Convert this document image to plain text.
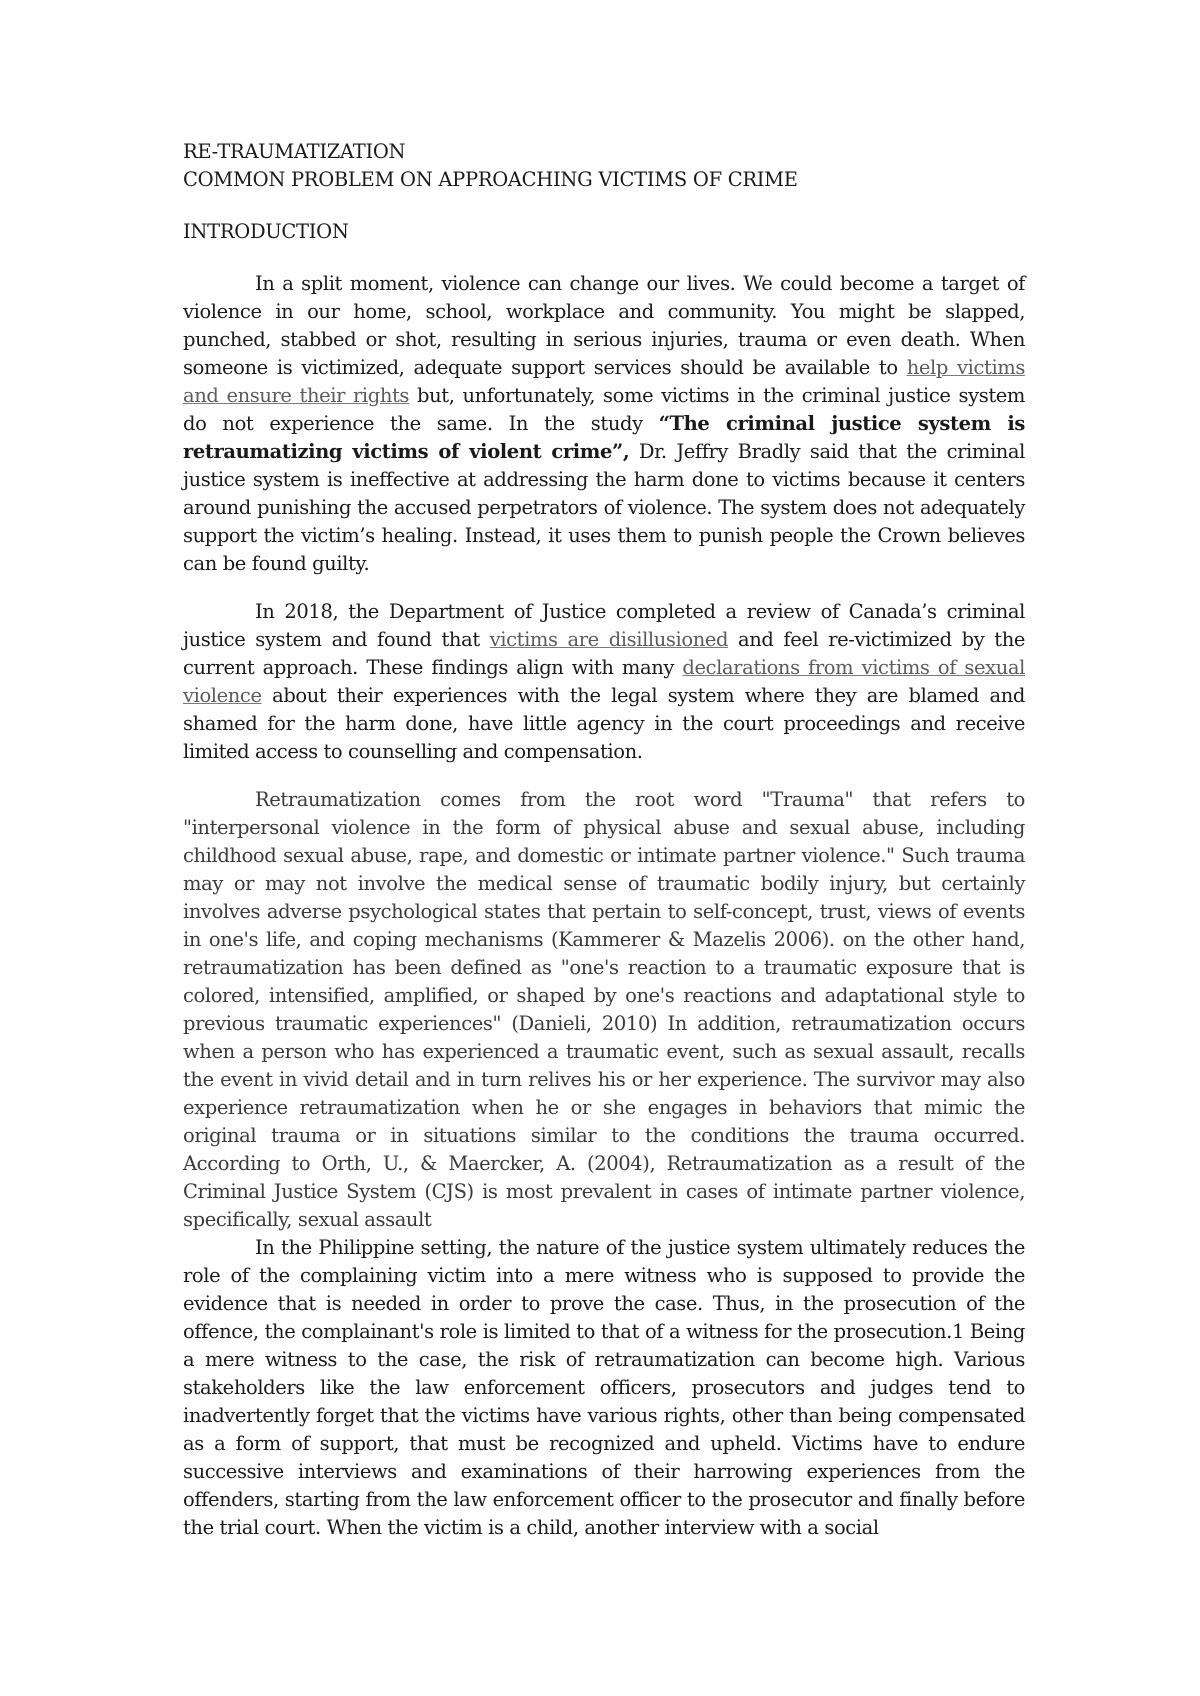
RE-TRAUMATIZATION
COMMON PROBLEM ON APPROACHING VICTIMS OF CRIME
INTRODUCTION

In a split moment, violence can change our lives. We could become a target of violence in our home, school, workplace and community. You might be slapped, punched, stabbed or shot, resulting in serious injuries, trauma or even death. When someone is victimized, adequate support services should be available to help victims and ensure their rights but, unfortunately, some victims in the criminal justice system do not experience the same. In the study “The criminal justice system is retraumatizing victims of violent crime”, Dr. Jeffry Bradly said that the criminal justice system is ineffective at addressing the harm done to victims because it centers around punishing the accused perpetrators of violence. The system does not adequately support the victim’s healing. Instead, it uses them to punish people the Crown believes can be found guilty.

In 2018, the Department of Justice completed a review of Canada’s criminal justice system and found that victims are disillusioned and feel re-victimized by the current approach. These findings align with many declarations from victims of sexual violence about their experiences with the legal system where they are blamed and shamed for the harm done, have little agency in the court proceedings and receive limited access to counselling and compensation.

Retraumatization comes from the root word "Trauma" that refers to "interpersonal violence in the form of physical abuse and sexual abuse, including childhood sexual abuse, rape, and domestic or intimate partner violence." Such trauma may or may not involve the medical sense of traumatic bodily injury, but certainly involves adverse psychological states that pertain to self-concept, trust, views of events in one's life, and coping mechanisms (Kammerer & Mazelis 2006). on the other hand, retraumatization has been defined as "one's reaction to a traumatic exposure that is colored, intensified, amplified, or shaped by one's reactions and adaptational style to previous traumatic experiences" (Danieli, 2010) In addition, retraumatization occurs when a person who has experienced a traumatic event, such as sexual assault, recalls the event in vivid detail and in turn relives his or her experience. The survivor may also experience retraumatization when he or she engages in behaviors that mimic the original trauma or in situations similar to the conditions the trauma occurred. According to Orth, U., & Maercker, A. (2004), Retraumatization as a result of the Criminal Justice System (CJS) is most prevalent in cases of intimate partner violence, specifically, sexual assault

In the Philippine setting, the nature of the justice system ultimately reduces the role of the complaining victim into a mere witness who is supposed to provide the evidence that is needed in order to prove the case. Thus, in the prosecution of the offence, the complainant's role is limited to that of a witness for the prosecution.1 Being a mere witness to the case, the risk of retraumatization can become high. Various stakeholders like the law enforcement officers, prosecutors and judges tend to inadvertently forget that the victims have various rights, other than being compensated as a form of support, that must be recognized and upheld. Victims have to endure successive interviews and examinations of their harrowing experiences from the offenders, starting from the law enforcement officer to the prosecutor and finally before the trial court. When the victim is a child, another interview with a social
